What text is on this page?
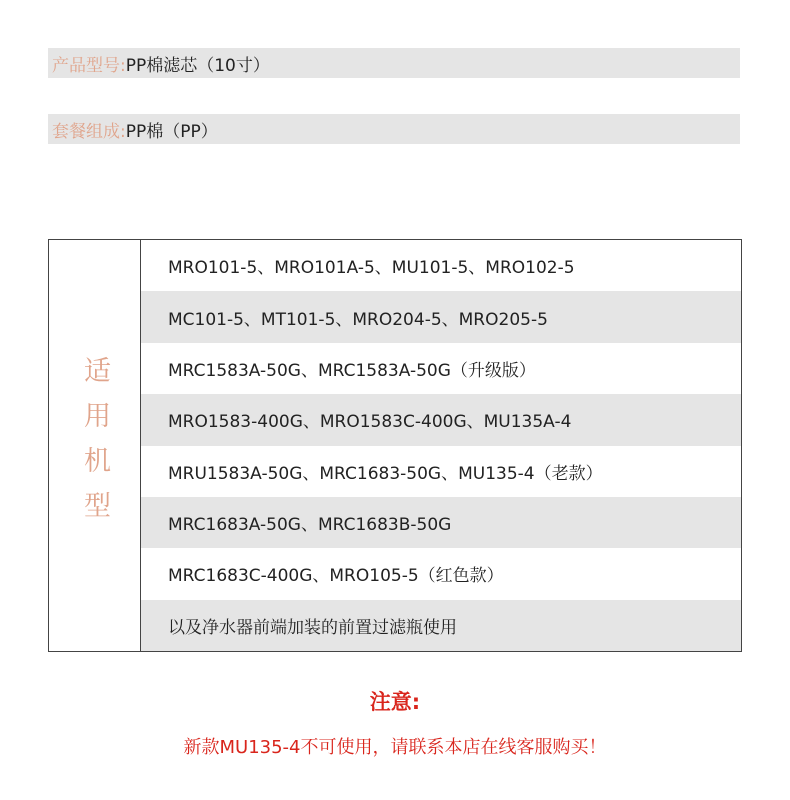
产品型号: PP棉滤芯（10寸）
套餐组成: PP棉（PP）
适用机型
MRO101-5、MRO101A-5、MU101-5、MRO102-5
MC101-5、MT101-5、MRO204-5、MRO205-5
MRC1583A-50G、MRC1583A-50G（升级版）
MRO1583-400G、MRO1583C-400G、MU135A-4
MRU1583A-50G、MRC1683-50G、MU135-4（老款）
MRC1683A-50G、MRC1683B-50G
MRC1683C-400G、MRO105-5（红色款）
以及净水器前端加装的前置过滤瓶使用
注意:
新款MU135-4不可使用，请联系本店在线客服购买！
